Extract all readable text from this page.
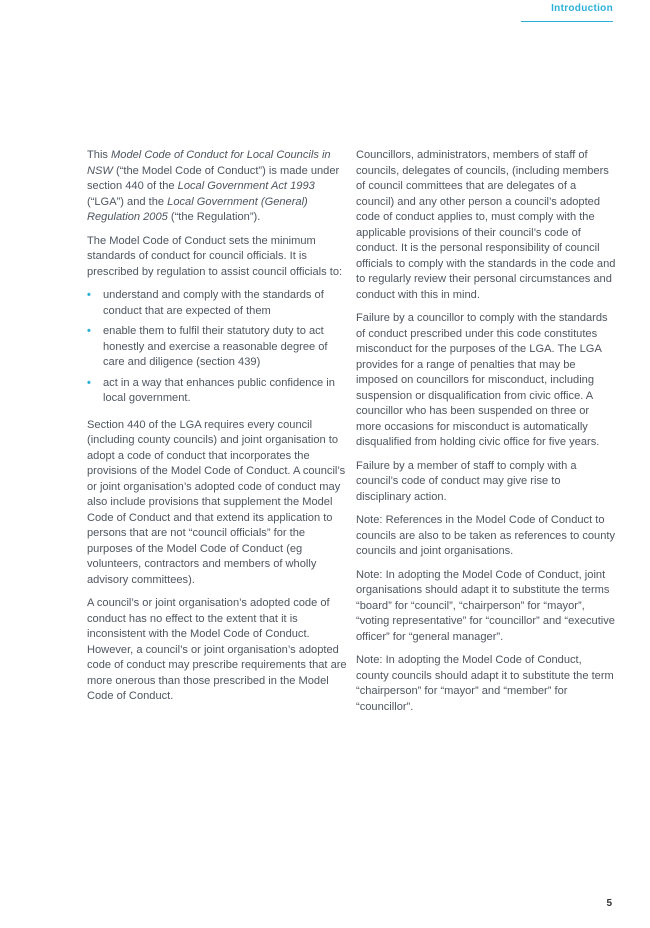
Introduction

This Model Code of Conduct for Local Councils in NSW (“the Model Code of Conduct”) is made under section 440 of the Local Government Act 1993 (“LGA”) and the Local Government (General) Regulation 2005 (“the Regulation”).

The Model Code of Conduct sets the minimum standards of conduct for council officials. It is prescribed by regulation to assist council officials to:

• understand and comply with the standards of conduct that are expected of them
• enable them to fulfil their statutory duty to act honestly and exercise a reasonable degree of care and diligence (section 439)
• act in a way that enhances public confidence in local government.

Section 440 of the LGA requires every council (including county councils) and joint organisation to adopt a code of conduct that incorporates the provisions of the Model Code of Conduct. A council’s or joint organisation’s adopted code of conduct may also include provisions that supplement the Model Code of Conduct and that extend its application to persons that are not “council officials” for the purposes of the Model Code of Conduct (eg volunteers, contractors and members of wholly advisory committees).

A council’s or joint organisation’s adopted code of conduct has no effect to the extent that it is inconsistent with the Model Code of Conduct. However, a council’s or joint organisation’s adopted code of conduct may prescribe requirements that are more onerous than those prescribed in the Model Code of Conduct.

Councillors, administrators, members of staff of councils, delegates of councils, (including members of council committees that are delegates of a council) and any other person a council’s adopted code of conduct applies to, must comply with the applicable provisions of their council’s code of conduct. It is the personal responsibility of council officials to comply with the standards in the code and to regularly review their personal circumstances and conduct with this in mind.

Failure by a councillor to comply with the standards of conduct prescribed under this code constitutes misconduct for the purposes of the LGA. The LGA provides for a range of penalties that may be imposed on councillors for misconduct, including suspension or disqualification from civic office. A councillor who has been suspended on three or more occasions for misconduct is automatically disqualified from holding civic office for five years.

Failure by a member of staff to comply with a council’s code of conduct may give rise to disciplinary action.

Note: References in the Model Code of Conduct to councils are also to be taken as references to county councils and joint organisations.

Note: In adopting the Model Code of Conduct, joint organisations should adapt it to substitute the terms “board” for “council”, “chairperson” for “mayor”, “voting representative” for “councillor” and “executive officer” for “general manager”.

Note: In adopting the Model Code of Conduct, county councils should adapt it to substitute the term “chairperson” for “mayor” and “member” for “councillor”.

5
